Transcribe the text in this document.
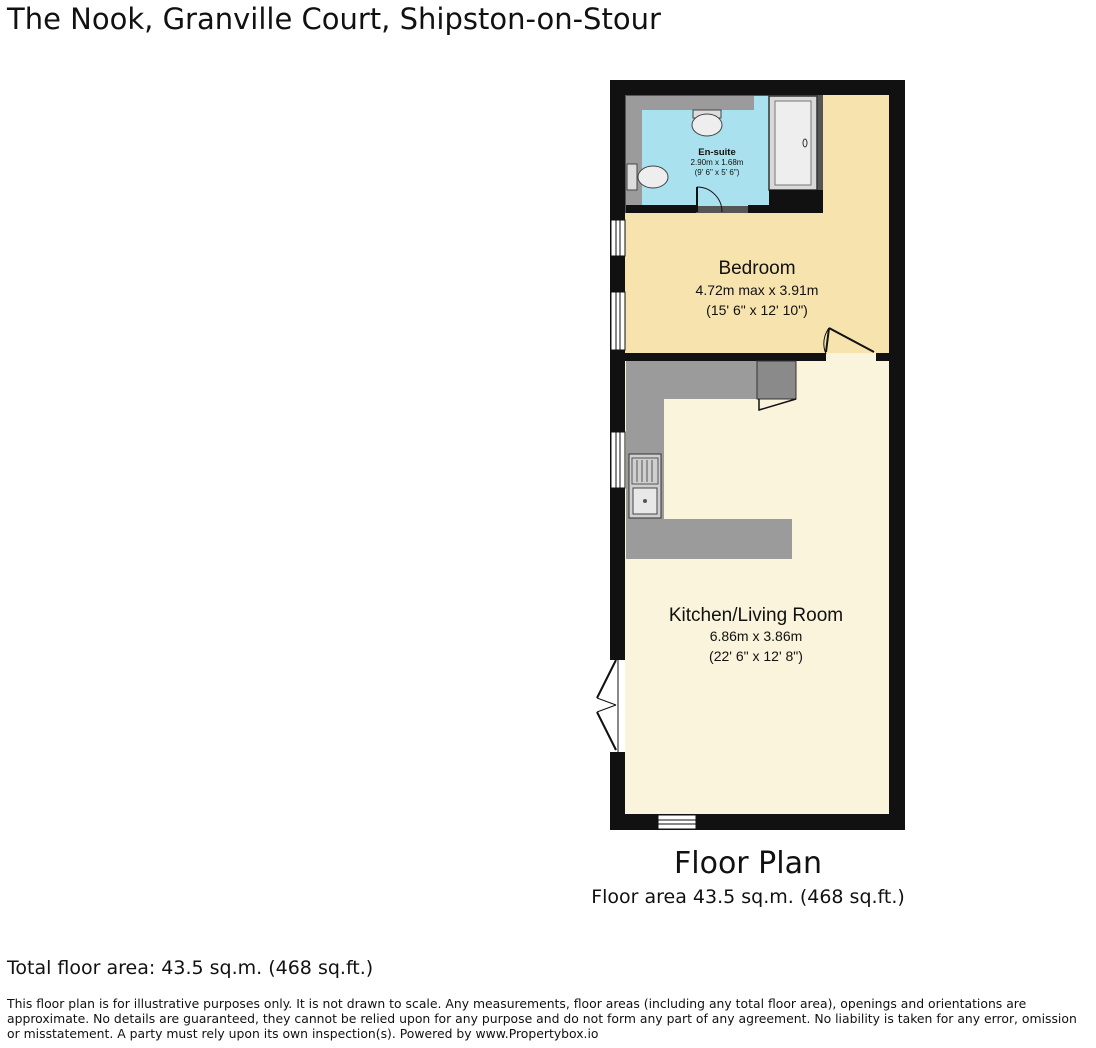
The Nook, Granville Court, Shipston-on-Stour
En-suite
2.90m x 1.68m
(9' 6" x 5' 6")
Bedroom
4.72m max x 3.91m
(15' 6" x 12' 10")
Kitchen/Living Room
6.86m x 3.86m
(22' 6" x 12' 8")
Floor Plan
Floor area 43.5 sq.m. (468 sq.ft.)
Total floor area: 43.5 sq.m. (468 sq.ft.)
This floor plan is for illustrative purposes only. It is not drawn to scale. Any measurements, floor areas (including any total floor area), openings and orientations are approximate. No details are guaranteed, they cannot be relied upon for any purpose and do not form any part of any agreement. No liability is taken for any error, omission or misstatement. A party must rely upon its own inspection(s). Powered by www.Propertybox.io
